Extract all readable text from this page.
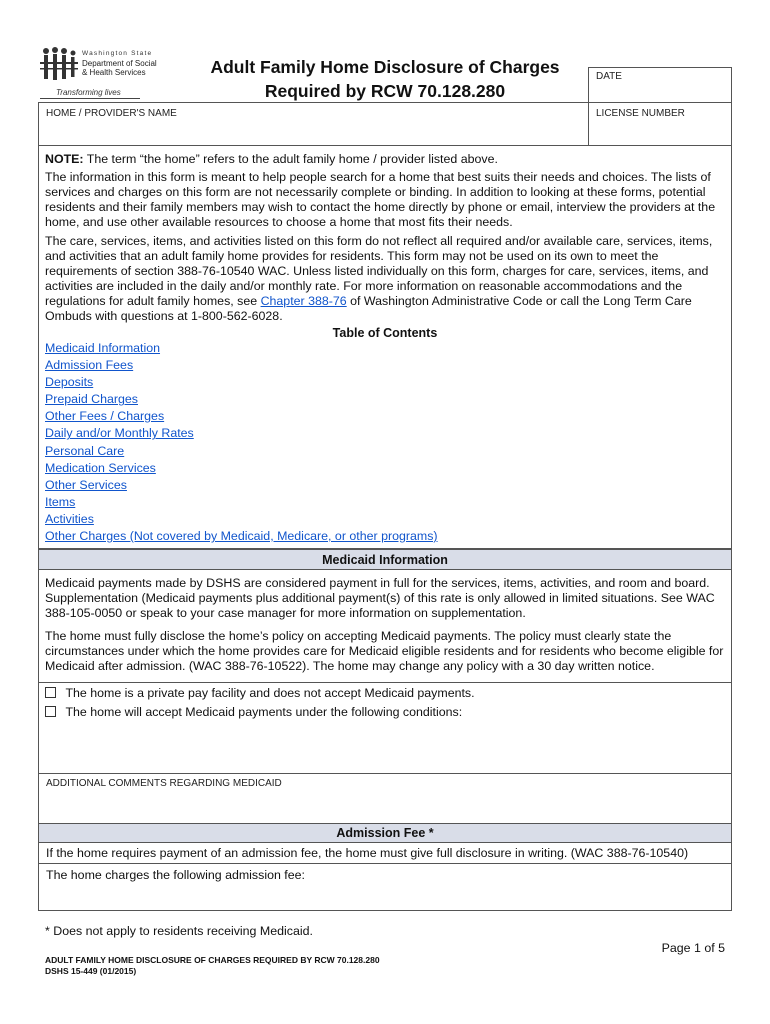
Washington State
Department of Social
& Health Services
Transforming lives
Adult Family Home Disclosure of Charges
Required by RCW 70.128.280
DATE
HOME / PROVIDER'S NAME	LICENSE NUMBER
NOTE: The term “the home” refers to the adult family home / provider listed above.
The information in this form is meant to help people search for a home that best suits their needs and choices. The lists of services and charges on this form are not necessarily complete or binding. In addition to looking at these forms, potential residents and their family members may wish to contact the home directly by phone or email, interview the providers at the home, and use other available resources to choose a home that most fits their needs.
The care, services, items, and activities listed on this form do not reflect all required and/or available care, services, items, and activities that an adult family home provides for residents. This form may not be used on its own to meet the requirements of section 388-76-10540 WAC. Unless listed individually on this form, charges for care, services, items, and activities are included in the daily and/or monthly rate. For more information on reasonable accommodations and the regulations for adult family homes, see Chapter 388-76 of Washington Administrative Code or call the Long Term Care Ombuds with questions at 1-800-562-6028.
Table of Contents
Medicaid Information
Admission Fees
Deposits
Prepaid Charges
Other Fees / Charges
Daily and/or Monthly Rates
Personal Care
Medication Services
Other Services
Items
Activities
Other Charges (Not covered by Medicaid, Medicare, or other programs)
Medicaid Information
Medicaid payments made by DSHS are considered payment in full for the services, items, activities, and room and board. Supplementation (Medicaid payments plus additional payment(s) of this rate is only allowed in limited situations. See WAC 388-105-0050 or speak to your case manager for more information on supplementation.
The home must fully disclose the home’s policy on accepting Medicaid payments. The policy must clearly state the circumstances under which the home provides care for Medicaid eligible residents and for residents who become eligible for Medicaid after admission. (WAC 388-76-10522). The home may change any policy with a 30 day written notice.
The home is a private pay facility and does not accept Medicaid payments.
The home will accept Medicaid payments under the following conditions:
ADDITIONAL COMMENTS REGARDING MEDICAID
Admission Fee *
If the home requires payment of an admission fee, the home must give full disclosure in writing. (WAC 388-76-10540)
The home charges the following admission fee:
* Does not apply to residents receiving Medicaid.
Page 1 of 5
ADULT FAMILY HOME DISCLOSURE OF CHARGES REQUIRED BY RCW 70.128.280
DSHS 15-449 (01/2015)
